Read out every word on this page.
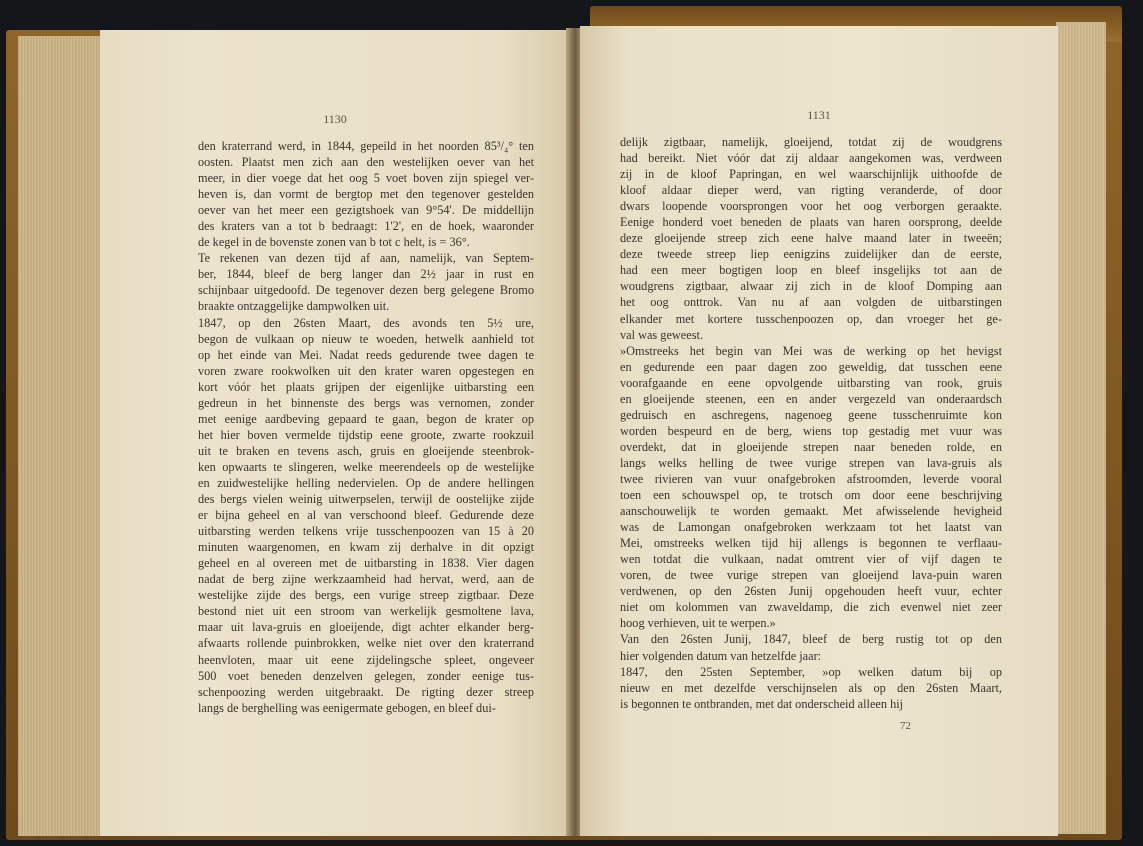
1130
den kraterrand werd, in 1844, gepeild in het noorden 85³/₄° ten
oosten. Plaatst men zich aan den westelijken oever van het
meer, in dier voege dat het oog 5 voet boven zijn spiegel ver-
heven is, dan vormt de bergtop met den tegenover gestelden
oever van het meer een gezigtshoek van 9°54'. De middellijn
des kraters van a tot b bedraagt: 1'2', en de hoek, waaronder
de kegel in de bovenste zonen van b tot c helt, is = 36°.
Te rekenen van dezen tijd af aan, namelijk, van Septem-
ber, 1844, bleef de berg langer dan 2½ jaar in rust en
schijnbaar uitgedoofd. De tegenover dezen berg gelegene Bromo
braakte ontzaggelijke dampwolken uit.
1847, op den 26sten Maart, des avonds ten 5½ ure,
begon de vulkaan op nieuw te woeden, hetwelk aanhield tot
op het einde van Mei. Nadat reeds gedurende twee dagen te
voren zware rookwolken uit den krater waren opgestegen en
kort vóór het plaats grijpen der eigenlijke uitbarsting een
gedreun in het binnenste des bergs was vernomen, zonder
met eenige aardbeving gepaard te gaan, begon de krater op
het hier boven vermelde tijdstip eene groote, zwarte rookzuil
uit te braken en tevens asch, gruis en gloeijende steenbrok-
ken opwaarts te slingeren, welke meerendeels op de westelijke
en zuidwestelijke helling nedervielen. Op de andere hellingen
des bergs vielen weinig uitwerpselen, terwijl de oostelijke zijde
er bijna geheel en al van verschoond bleef. Gedurende deze
uitbarsting werden telkens vrije tusschenpoozen van 15 à 20
minuten waargenomen, en kwam zij derhalve in dit opzigt
geheel en al overeen met de uitbarsting in 1838. Vier dagen
nadat de berg zijne werkzaamheid had hervat, werd, aan de
westelijke zijde des bergs, een vurige streep zigtbaar. Deze
bestond niet uit een stroom van werkelijk gesmoltene lava,
maar uit lava-gruis en gloeijende, digt achter elkander berg-
afwaarts rollende puinbrokken, welke niet over den kraterrand
heenvloten, maar uit eene zijdelingsche spleet, ongeveer
500 voet beneden denzelven gelegen, zonder eenige tus-
schenpoozing werden uitgebraakt. De rigting dezer streep
langs de berghelling was eenigermate gebogen, en bleef dui-
1131
delijk zigtbaar, namelijk, gloeijend, totdat zij de woudgrens
had bereikt. Niet vóór dat zij aldaar aangekomen was, verdween
zij in de kloof Papringan, en wel waarschijnlijk uithoofde de
kloof aldaar dieper werd, van rigting veranderde, of door
dwars loopende voorsprongen voor het oog verborgen geraakte.
Eenige honderd voet beneden de plaats van haren oorsprong, deelde
deze gloeijende streep zich eene halve maand later in tweeën;
deze tweede streep liep eenigzins zuidelijker dan de eerste,
had een meer bogtigen loop en bleef insgelijks tot aan de
woudgrens zigtbaar, alwaar zij zich in de kloof Domping aan
het oog onttrok. Van nu af aan volgden de uitbarstingen
elkander met kortere tusschenpoozen op, dan vroeger het ge-
val was geweest.
»Omstreeks het begin van Mei was de werking op het hevigst
en gedurende een paar dagen zoo geweldig, dat tusschen eene
voorafgaande en eene opvolgende uitbarsting van rook, gruis
en gloeijende steenen, een en ander vergezeld van onderaardsch
gedruisch en aschregens, nagenoeg geene tusschenruimte kon
worden bespeurd en de berg, wiens top gestadig met vuur was
overdekt, dat in gloeijende strepen naar beneden rolde, en
langs welks helling de twee vurige strepen van lava-gruis als
twee rivieren van vuur onafgebroken afstroomden, leverde vooral
toen een schouwspel op, te trotsch om door eene beschrijving
aanschouwelijk te worden gemaakt. Met afwisselende hevigheid
was de Lamongan onafgebroken werkzaam tot het laatst van
Mei, omstreeks welken tijd hij allengs is begonnen te verflaau-
wen totdat die vulkaan, nadat omtrent vier of vijf dagen te
voren, de twee vurige strepen van gloeijend lava-puin waren
verdwenen, op den 26sten Junij opgehouden heeft vuur, echter
niet om kolommen van zwaveldamp, die zich evenwel niet zeer
hoog verhieven, uit te werpen.»
Van den 26sten Junij, 1847, bleef de berg rustig tot op den
hier volgenden datum van hetzelfde jaar:
1847, den 25sten September, »op welken datum bij op
nieuw en met dezelfde verschijnselen als op den 26sten Maart,
is begonnen te ontbranden, met dat onderscheid alleen hij
72
